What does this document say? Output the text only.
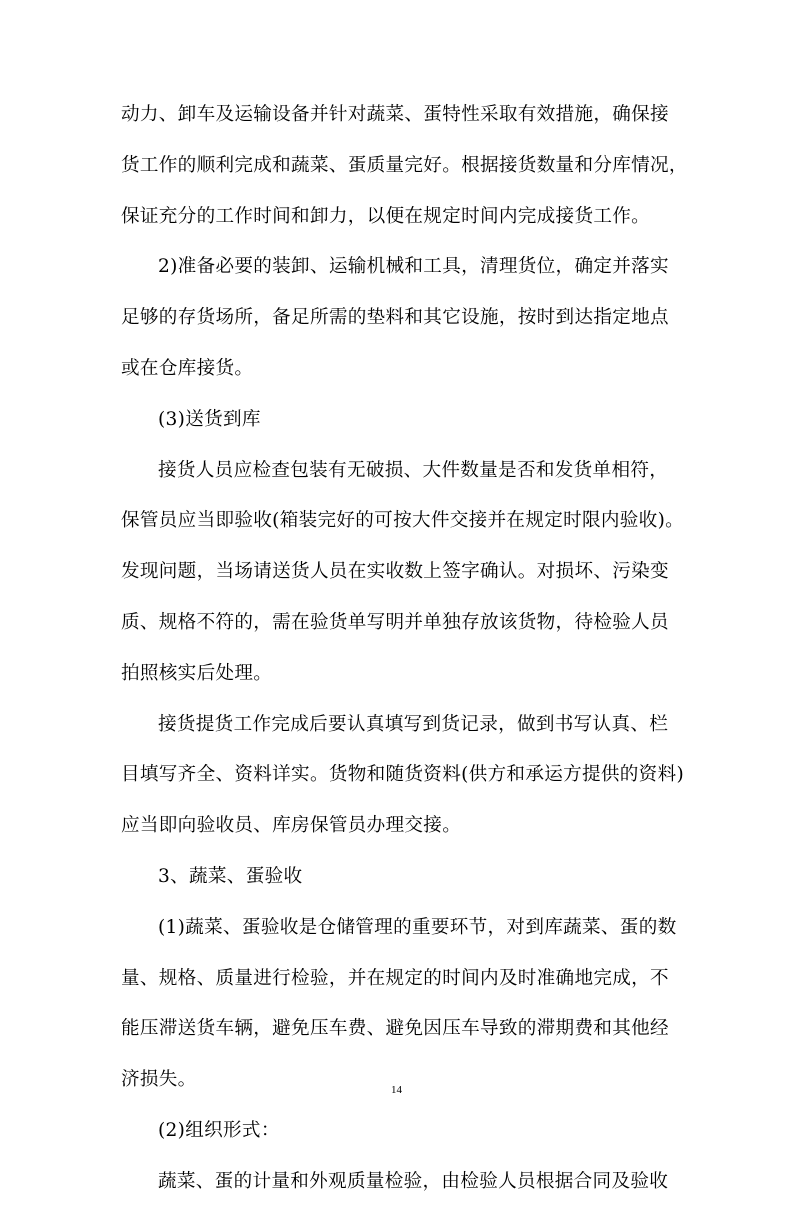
动力、卸车及运输设备并针对蔬菜、蛋特性采取有效措施，确保接
货工作的顺利完成和蔬菜、蛋质量完好。根据接货数量和分库情况，
保证充分的工作时间和卸力，以便在规定时间内完成接货工作。
2)准备必要的装卸、运输机械和工具，清理货位，确定并落实
足够的存货场所，备足所需的垫料和其它设施，按时到达指定地点
或在仓库接货。
(3)送货到库
接货人员应检查包装有无破损、大件数量是否和发货单相符，
保管员应当即验收(箱装完好的可按大件交接并在规定时限内验收)。
发现问题，当场请送货人员在实收数上签字确认。对损坏、污染变
质、规格不符的，需在验货单写明并单独存放该货物，待检验人员
拍照核实后处理。
接货提货工作完成后要认真填写到货记录，做到书写认真、栏
目填写齐全、资料详实。货物和随货资料(供方和承运方提供的资料)
应当即向验收员、库房保管员办理交接。
3、蔬菜、蛋验收
(1)蔬菜、蛋验收是仓储管理的重要环节，对到库蔬菜、蛋的数
量、规格、质量进行检验，并在规定的时间内及时准确地完成，不
能压滞送货车辆，避免压车费、避免因压车导致的滞期费和其他经
济损失。
(2)组织形式：
蔬菜、蛋的计量和外观质量检验，由检验人员根据合同及验收
14
